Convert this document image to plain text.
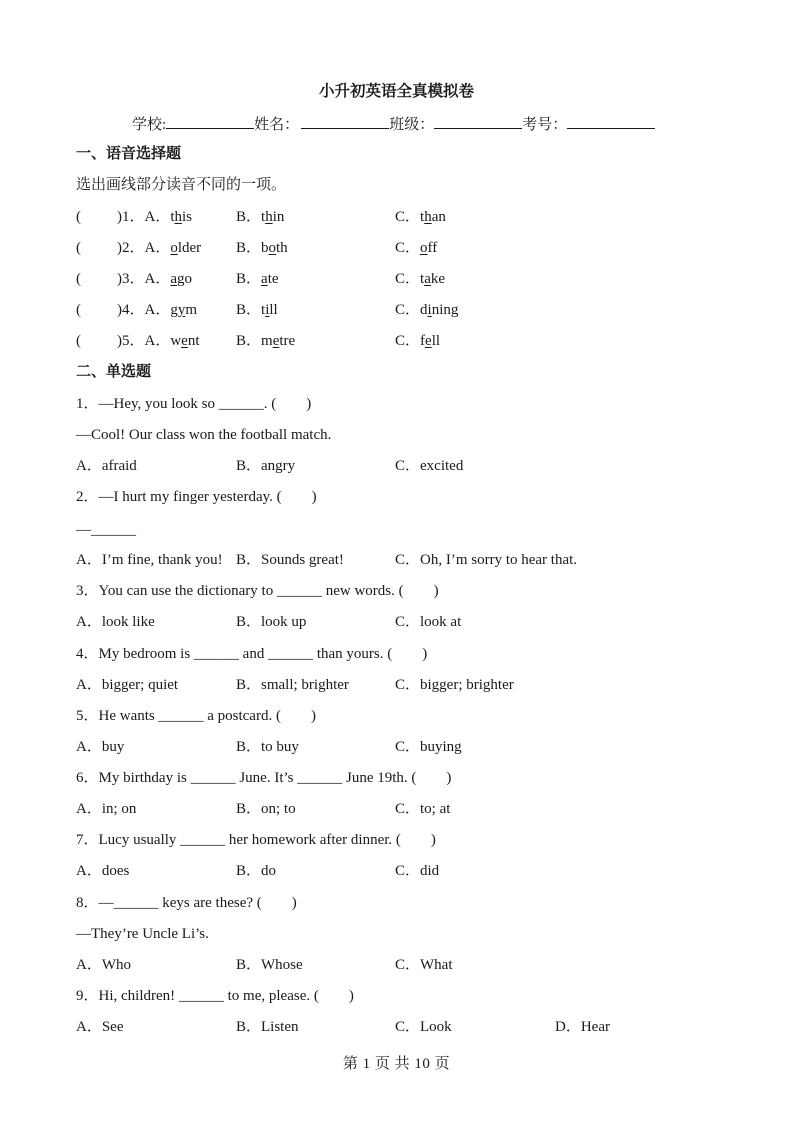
小升初英语全真模拟卷
学校:	姓名：	班级：	考号：
一、语音选择题
选出画线部分读音不同的一项。
( )1．A．this	B．thin	C．than
( )2．A．older B．both	C．off
( )3．A．ago	B．ate	C．take
( )4．A．gym	B．till	C．dining
( )5．A．went B．metre	C．fell
二、单选题
1．—Hey, you look so ______. (　　)
—Cool! Our class won the football match.
A．afraid	B．angry	C．excited
2．—I hurt my finger yesterday. (　　)
—______
A．I’m fine, thank you! B．Sounds great!	C．Oh, I’m sorry to hear that.
3．You can use the dictionary to ______ new words. (　　)
A．look like	B．look up	C．look at
4．My bedroom is ______ and ______ than yours. (　　)
A．bigger; quiet	B．small; brighter	C．bigger; brighter
5．He wants ______ a postcard. (　　)
A．buy	B．to buy	C．buying
6．My birthday is ______ June. It’s ______ June 19th. (　　)
A．in; on	B．on; to	C．to; at
7．Lucy usually ______ her homework after dinner. (　　)
A．does	B．do	C．did
8．—______ keys are these? (　　)
—They’re Uncle Li’s.
A．Who	B．Whose	C．What
9．Hi, children! ______ to me, please. (　　)
A．See	B．Listen	C．Look	D．Hear
第 1 页 共 10 页
